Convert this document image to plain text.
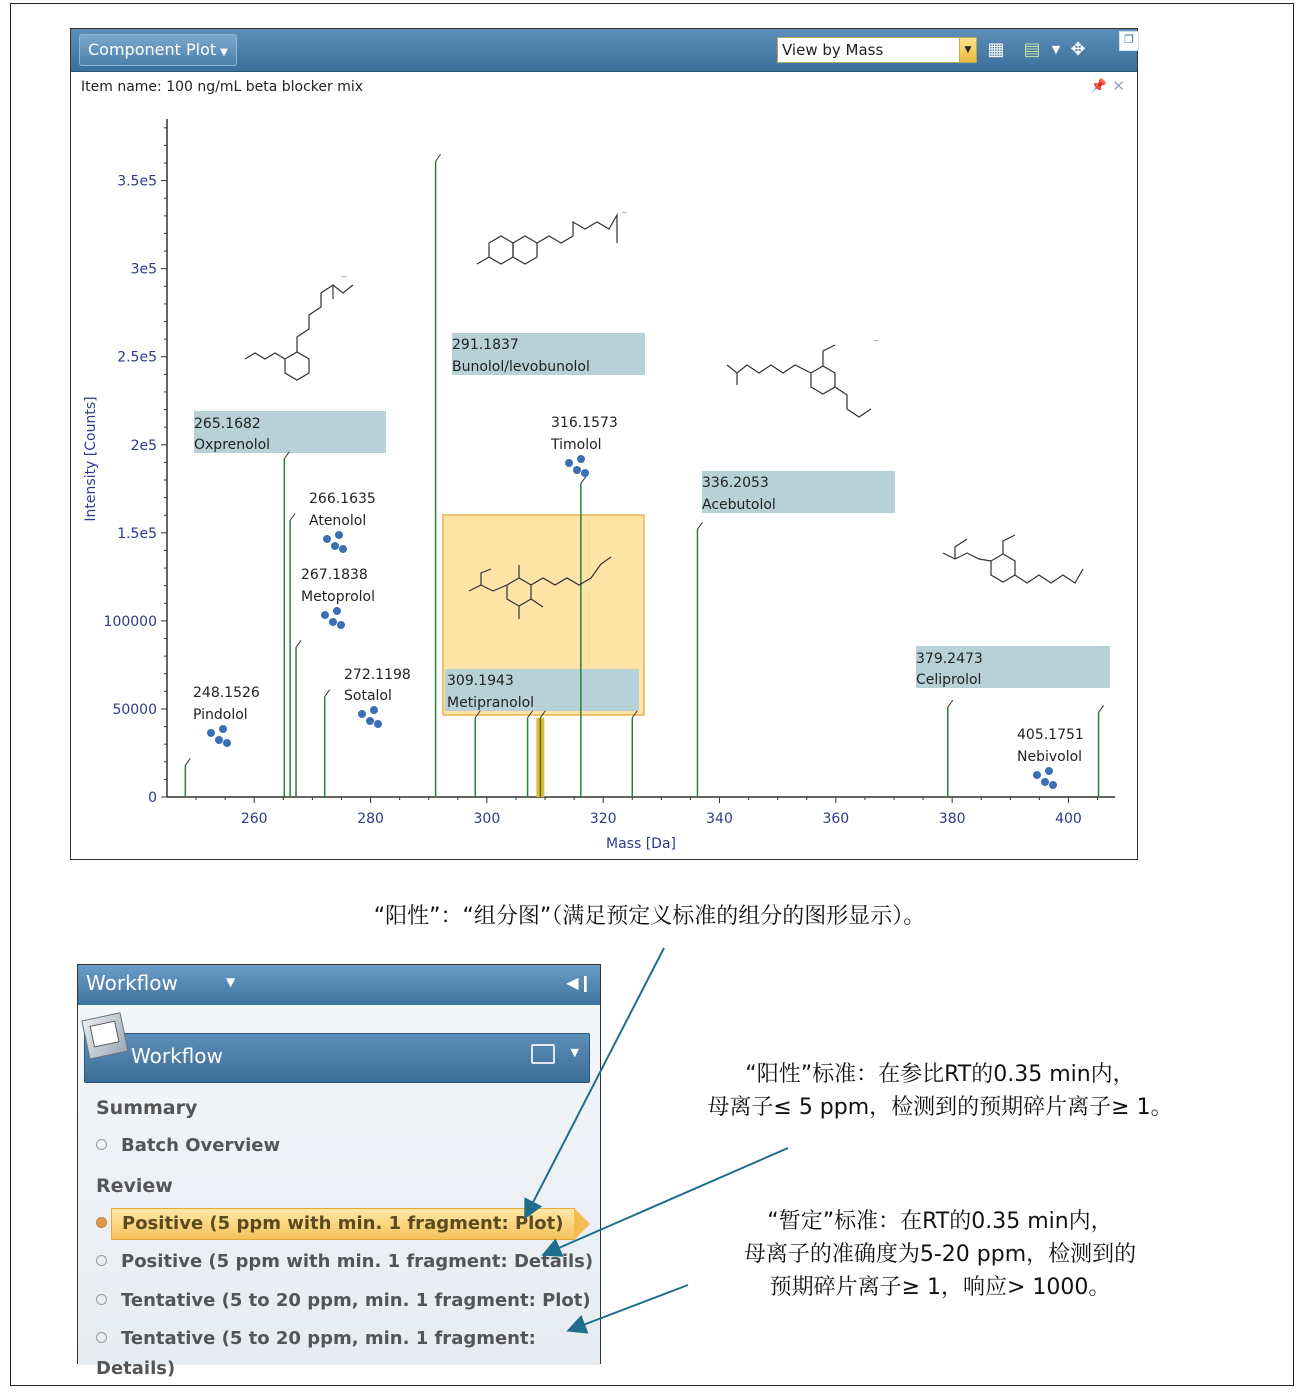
Component Plot ▼	View by Mass	▼ ▦ ▤	▼ ✥	❐
Item name: 100 ng/mL beta blocker mix	📌 ✕
0
50000
100000
1.5e5
2e5
2.5e5
3e5
3.5e5
260	280	300	320	340	360	380	400
Mass [Da]
Intensity [Counts]
248.1526
Pindolol
265.1682
Oxprenolol
266.1635
Atenolol
267.1838
Metoprolol
272.1198
Sotalol
291.1837
Bunolol/levobunolol
309.1943
Metipranolol
316.1573
Timolol
336.2053
Acebutolol
379.2473
Celiprolol
405.1751
Nebivolol
~
~
~
“阳性”：“组分图”（满足预定义标准的组分的图形显示）。
“阳性”标准：在参比RT的0.35 min内，
母离子≤ 5 ppm，检测到的预期碎片离子≥ 1。
“暂定”标准：在RT的0.35 min内，
母离子的准确度为5-20 ppm，检测到的
预期碎片离子≥ 1，响应> 1000。
Workflow	▼	◀❙
Workflow	▼
Summary
Batch Overview
Review
Positive (5 ppm with min. 1 fragment: Plot)
Positive (5 ppm with min. 1 fragment: Details)
Tentative (5 to 20 ppm, min. 1 fragment: Plot)
Tentative (5 to 20 ppm, min. 1 fragment: Details)
